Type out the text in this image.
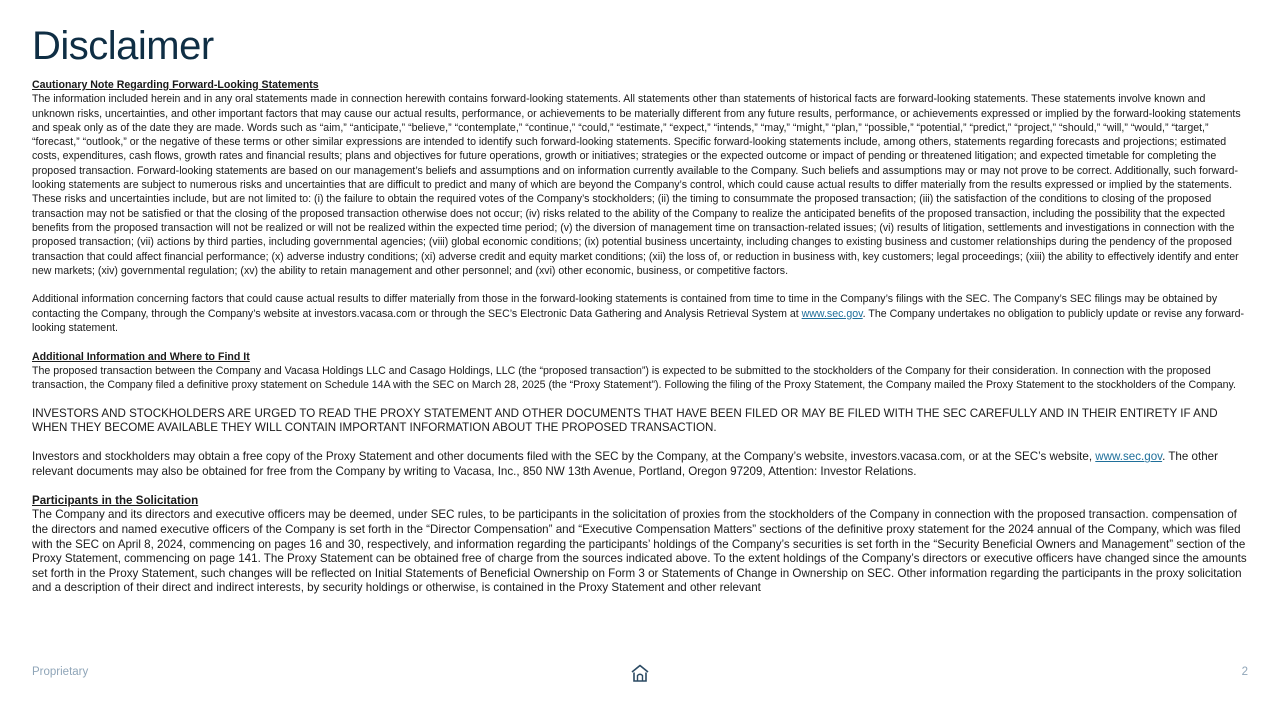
Disclaimer

Cautionary Note Regarding Forward-Looking Statements

The information included herein and in any oral statements made in connection herewith contains forward-looking statements. All statements other than statements of historical facts are forward-looking statements. These statements involve known and unknown risks, uncertainties, and other important factors that may cause our actual results, performance, or achievements to be materially different from any future results, performance, or achievements expressed or implied by the forward-looking statements and speak only as of the date they are made. Words such as “aim,” “anticipate,” “believe,” “contemplate,” “continue,” “could,” “estimate,” “expect,” “intends,” “may,” “might,” “plan,” “possible,” “potential,” “predict,” “project,” “should,” “will,” “would,” “target,” “forecast,” “outlook,” or the negative of these terms or other similar expressions are intended to identify such forward-looking statements. Specific forward-looking statements include, among others, statements regarding forecasts and projections; estimated costs, expenditures, cash flows, growth rates and financial results; plans and objectives for future operations, growth or initiatives; strategies or the expected outcome or impact of pending or threatened litigation; and expected timetable for completing the proposed transaction. Forward-looking statements are based on our management’s beliefs and assumptions and on information currently available to the Company. Such beliefs and assumptions may or may not prove to be correct. Additionally, such forward-looking statements are subject to numerous risks and uncertainties that are difficult to predict and many of which are beyond the Company’s control, which could cause actual results to differ materially from the results expressed or implied by the statements. These risks and uncertainties include, but are not limited to: (i) the failure to obtain the required votes of the Company’s stockholders; (ii) the timing to consummate the proposed transaction; (iii) the satisfaction of the conditions to closing of the proposed transaction may not be satisfied or that the closing of the proposed transaction otherwise does not occur; (iv) risks related to the ability of the Company to realize the anticipated benefits of the proposed transaction, including the possibility that the expected benefits from the proposed transaction will not be realized or will not be realized within the expected time period; (v) the diversion of management time on transaction-related issues; (vi) results of litigation, settlements and investigations in connection with the proposed transaction; (vii) actions by third parties, including governmental agencies; (viii) global economic conditions; (ix) potential business uncertainty, including changes to existing business and customer relationships during the pendency of the proposed transaction that could affect financial performance; (x) adverse industry conditions; (xi) adverse credit and equity market conditions; (xii) the loss of, or reduction in business with, key customers; legal proceedings; (xiii) the ability to effectively identify and enter new markets; (xiv) governmental regulation; (xv) the ability to retain management and other personnel; and (xvi) other economic, business, or competitive factors.

Additional information concerning factors that could cause actual results to differ materially from those in the forward-looking statements is contained from time to time in the Company’s filings with the SEC. The Company’s SEC filings may be obtained by contacting the Company, through the Company’s website at investors.vacasa.com or through the SEC’s Electronic Data Gathering and Analysis Retrieval System at www.sec.gov. The Company undertakes no obligation to publicly update or revise any forward-looking statement.

Additional Information and Where to Find It

The proposed transaction between the Company and Vacasa Holdings LLC and Casago Holdings, LLC (the “proposed transaction”) is expected to be submitted to the stockholders of the Company for their consideration. In connection with the proposed transaction, the Company filed a definitive proxy statement on Schedule 14A with the SEC on March 28, 2025 (the “Proxy Statement”). Following the filing of the Proxy Statement, the Company mailed the Proxy Statement to the stockholders of the Company.

INVESTORS AND STOCKHOLDERS ARE URGED TO READ THE PROXY STATEMENT AND OTHER DOCUMENTS THAT HAVE BEEN FILED OR MAY BE FILED WITH THE SEC CAREFULLY AND IN THEIR ENTIRETY IF AND WHEN THEY BECOME AVAILABLE THEY WILL CONTAIN IMPORTANT INFORMATION ABOUT THE PROPOSED TRANSACTION.

Investors and stockholders may obtain a free copy of the Proxy Statement and other documents filed with the SEC by the Company, at the Company’s website, investors.vacasa.com, or at the SEC’s website, www.sec.gov. The other relevant documents may also be obtained for free from the Company by writing to Vacasa, Inc., 850 NW 13th Avenue, Portland, Oregon 97209, Attention: Investor Relations.

Participants in the Solicitation

The Company and its directors and executive officers may be deemed, under SEC rules, to be participants in the solicitation of proxies from the stockholders of the Company in connection with the proposed transaction. compensation of the directors and named executive officers of the Company is set forth in the “Director Compensation” and “Executive Compensation Matters” sections of the definitive proxy statement for the 2024 annual of the Company, which was filed with the SEC on April 8, 2024, commencing on pages 16 and 30, respectively, and information regarding the participants’ holdings of the Company’s securities is set forth in the “Security Beneficial Owners and Management” section of the Proxy Statement, commencing on page 141. The Proxy Statement can be obtained free of charge from the sources indicated above. To the extent holdings of the Company’s directors or executive officers have changed since the amounts set forth in the Proxy Statement, such changes will be reflected on Initial Statements of Beneficial Ownership on Form 3 or Statements of Change in Ownership on SEC. Other information regarding the participants in the proxy solicitation and a description of their direct and indirect interests, by security holdings or otherwise, is contained in the Proxy Statement and other relevant

Proprietary	2
